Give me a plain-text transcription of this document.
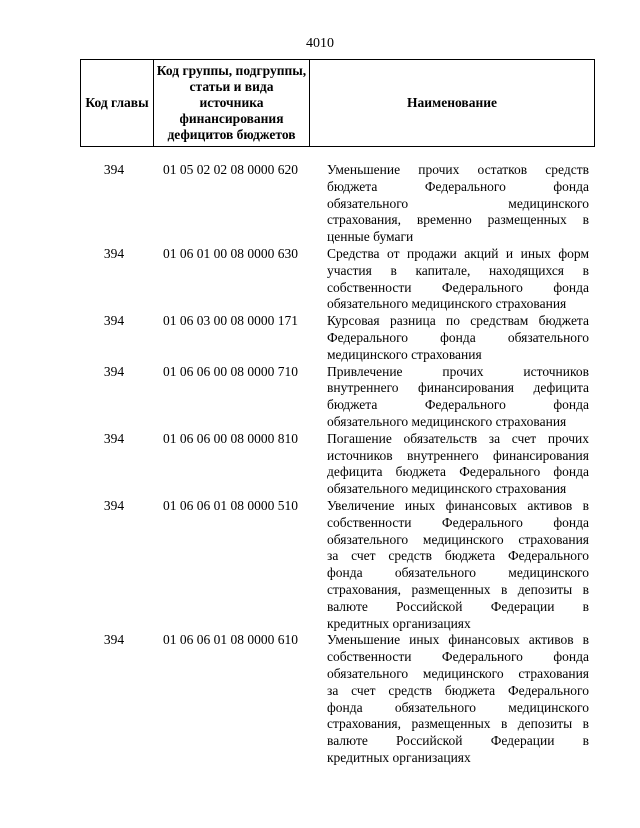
4010
Код главы	Код группы, подгруппы, статьи и вида источника финансирования дефицитов бюджетов	Наименование
394	01 05 02 02 08 0000 620	Уменьшение прочих остатков средств
бюджета Федерального фонда
обязательного медицинского
страхования, временно размещенных в
ценные бумаги
394	01 06 01 00 08 0000 630	Средства от продажи акций и иных форм
участия в капитале, находящихся в
собственности Федерального фонда
обязательного медицинского страхования
394	01 06 03 00 08 0000 171	Курсовая разница по средствам бюджета
Федерального фонда обязательного
медицинского страхования
394	01 06 06 00 08 0000 710	Привлечение прочих источников
внутреннего финансирования дефицита
бюджета Федерального фонда
обязательного медицинского страхования
394	01 06 06 00 08 0000 810	Погашение обязательств за счет прочих
источников внутреннего финансирования
дефицита бюджета Федерального фонда
обязательного медицинского страхования
394	01 06 06 01 08 0000 510	Увеличение иных финансовых активов в
собственности Федерального фонда
обязательного медицинского страхования
за счет средств бюджета Федерального
фонда обязательного медицинского
страхования, размещенных в депозиты в
валюте Российской Федерации в
кредитных организациях
394	01 06 06 01 08 0000 610	Уменьшение иных финансовых активов в
собственности Федерального фонда
обязательного медицинского страхования
за счет средств бюджета Федерального
фонда обязательного медицинского
страхования, размещенных в депозиты в
валюте Российской Федерации в
кредитных организациях
